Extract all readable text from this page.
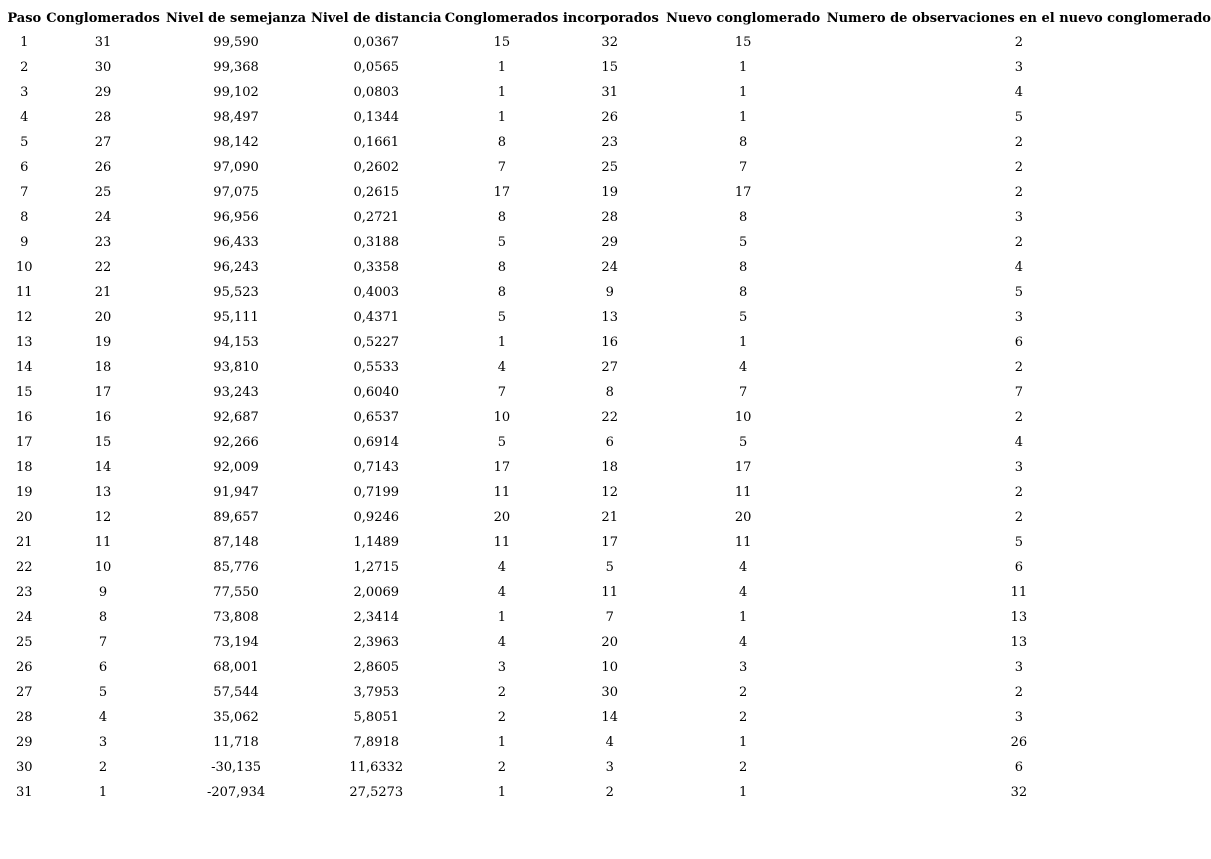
Paso	Conglomerados	Nivel de semejanza	Nivel de distancia	Conglomerados incorporados		Nuevo conglomerado	Numero de observaciones en el nuevo conglomerado
1	31	99,590	0,0367	15	32	15	2
2	30	99,368	0,0565	1	15	1	3
3	29	99,102	0,0803	1	31	1	4
4	28	98,497	0,1344	1	26	1	5
5	27	98,142	0,1661	8	23	8	2
6	26	97,090	0,2602	7	25	7	2
7	25	97,075	0,2615	17	19	17	2
8	24	96,956	0,2721	8	28	8	3
9	23	96,433	0,3188	5	29	5	2
10	22	96,243	0,3358	8	24	8	4
11	21	95,523	0,4003	8	9	8	5
12	20	95,111	0,4371	5	13	5	3
13	19	94,153	0,5227	1	16	1	6
14	18	93,810	0,5533	4	27	4	2
15	17	93,243	0,6040	7	8	7	7
16	16	92,687	0,6537	10	22	10	2
17	15	92,266	0,6914	5	6	5	4
18	14	92,009	0,7143	17	18	17	3
19	13	91,947	0,7199	11	12	11	2
20	12	89,657	0,9246	20	21	20	2
21	11	87,148	1,1489	11	17	11	5
22	10	85,776	1,2715	4	5	4	6
23	9	77,550	2,0069	4	11	4	11
24	8	73,808	2,3414	1	7	1	13
25	7	73,194	2,3963	4	20	4	13
26	6	68,001	2,8605	3	10	3	3
27	5	57,544	3,7953	2	30	2	2
28	4	35,062	5,8051	2	14	2	3
29	3	11,718	7,8918	1	4	1	26
30	2	-30,135	11,6332	2	3	2	6
31	1	-207,934	27,5273	1	2	1	32
